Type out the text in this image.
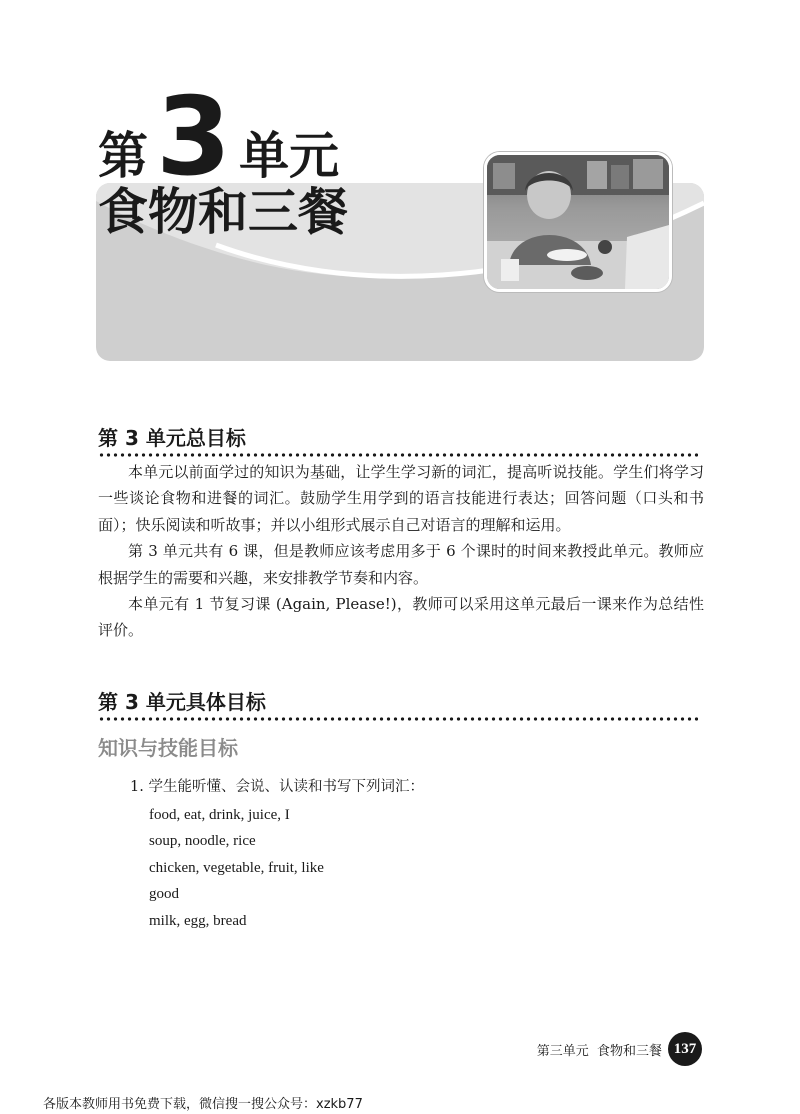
第 3 单元
食物和三餐
第 3 单元总目标

本单元以前面学过的知识为基础，让学生学习新的词汇，提高听说技能。学生们将学习一些谈论食物和进餐的词汇。鼓励学生用学到的语言技能进行表达；回答问题（口头和书面）；快乐阅读和听故事；并以小组形式展示自己对语言的理解和运用。

第 3 单元共有 6 课，但是教师应该考虑用多于 6 个课时的时间来教授此单元。教师应根据学生的需要和兴趣，来安排教学节奏和内容。

本单元有 1 节复习课 (Again, Please!)，教师可以采用这单元最后一课来作为总结性评价。

第 3 单元具体目标
知识与技能目标
1. 学生能听懂、会说、认读和书写下列词汇：
food, eat, drink, juice, I
soup, noodle, rice
chicken, vegetable, fruit, like
good
milk, egg, bread
第三单元  食物和三餐 137
各版本教师用书免费下载，微信搜一搜公众号：xzkb77
